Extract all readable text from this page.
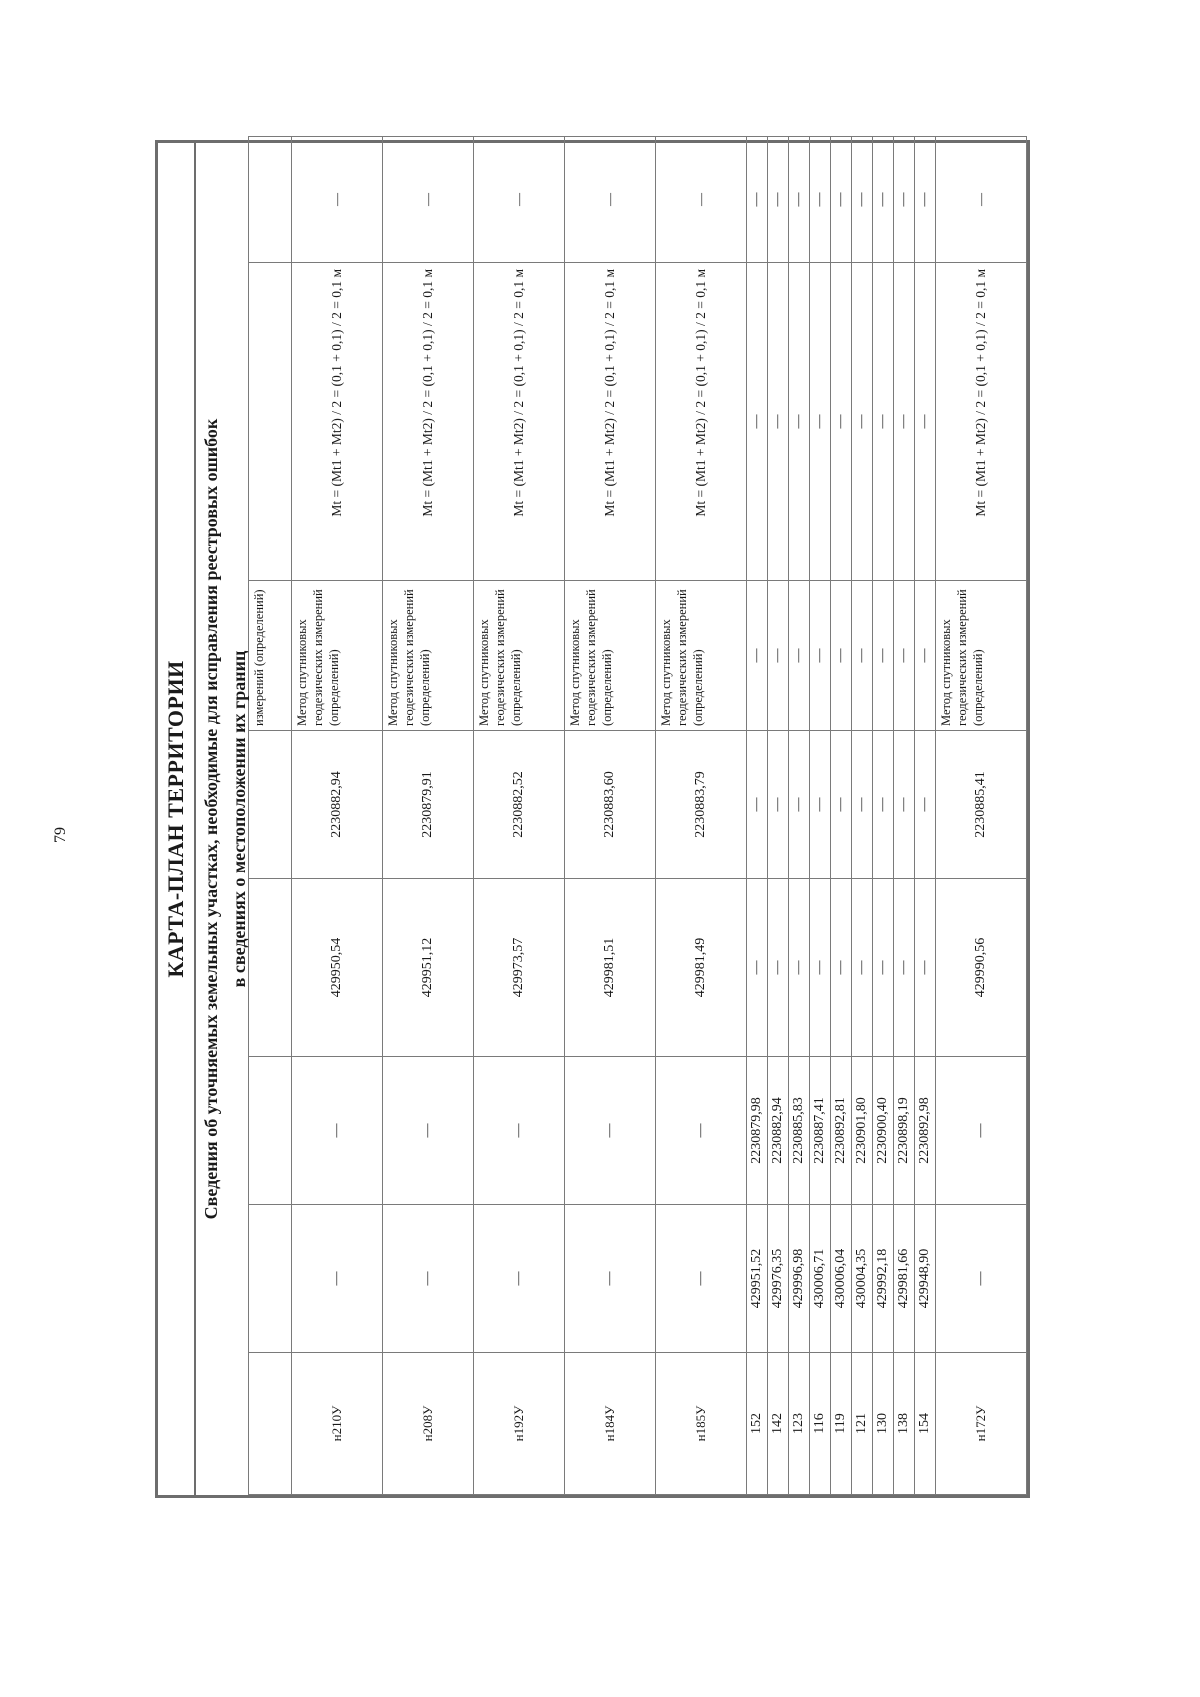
79	КАРТА-ПЛАН ТЕРРИТОРИИ Сведения об уточняемых земельных участках, необходимые для исправления реестровых ошибок в сведениях о местоположении их границ
					измерений (определений)		
н210У	—	—	429950,54	2230882,94	Метод спутниковых геодезических измерений (определений)	Mt = (Mt1 + Mt2) / 2 = (0,1 + 0,1) / 2 = 0,1 м	—
н208У	—	—	429951,12	2230879,91	Метод спутниковых геодезических измерений (определений)	Mt = (Mt1 + Mt2) / 2 = (0,1 + 0,1) / 2 = 0,1 м	—
н192У	—	—	429973,57	2230882,52	Метод спутниковых геодезических измерений (определений)	Mt = (Mt1 + Mt2) / 2 = (0,1 + 0,1) / 2 = 0,1 м	—
н184У	—	—	429981,51	2230883,60	Метод спутниковых геодезических измерений (определений)	Mt = (Mt1 + Mt2) / 2 = (0,1 + 0,1) / 2 = 0,1 м	—
н185У	—	—	429981,49	2230883,79	Метод спутниковых геодезических измерений (определений)	Mt = (Mt1 + Mt2) / 2 = (0,1 + 0,1) / 2 = 0,1 м	—
152	429951,52	2230879,98	—	—	—	—	—
142	429976,35	2230882,94	—	—	—	—	—
123	429996,98	2230885,83	—	—	—	—	—
116	430006,71	2230887,41	—	—	—	—	—
119	430006,04	2230892,81	—	—	—	—	—
121	430004,35	2230901,80	—	—	—	—	—
130	429992,18	2230900,40	—	—	—	—	—
138	429981,66	2230898,19	—	—	—	—	—
154	429948,90	2230892,98	—	—	—	—	—
н172У	—	—	429990,56	2230885,41	Метод спутниковых геодезических измерений (определений)	Mt = (Mt1 + Mt2) / 2 = (0,1 + 0,1) / 2 = 0,1 м	—
